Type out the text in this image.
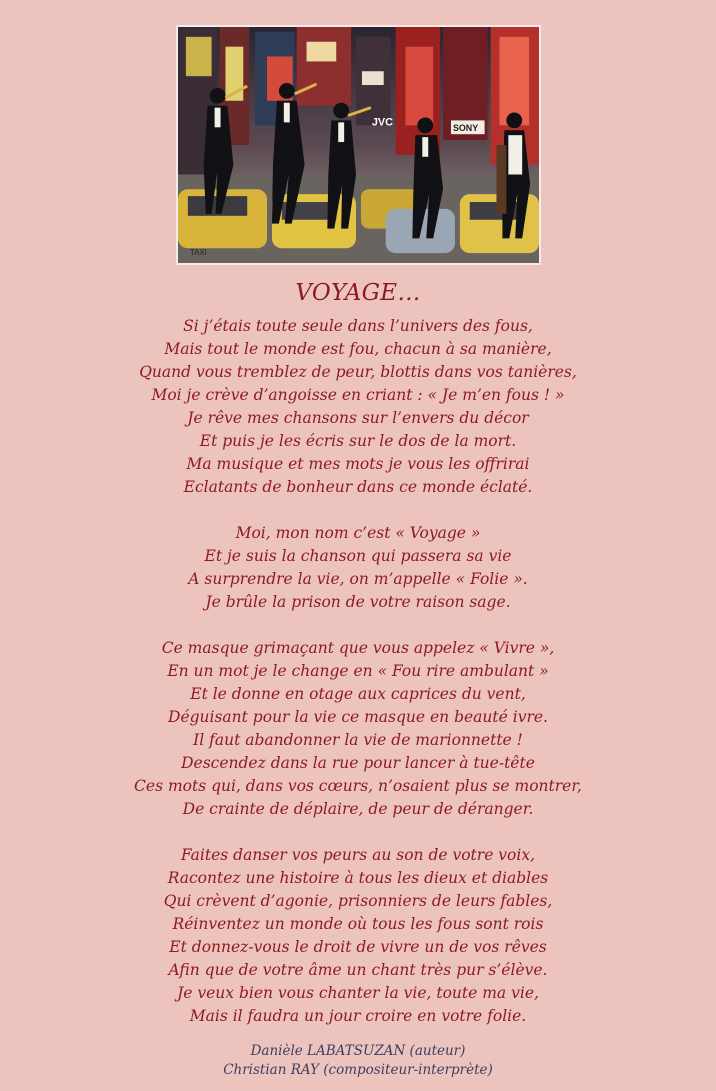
JVC	SONY
TAXI
VOYAGE…
Si j’étais toute seule dans l’univers des fous,
Mais tout le monde est fou, chacun à sa manière,
Quand vous tremblez de peur, blottis dans vos tanières,
Moi je crève d’angoisse en criant : « Je m’en fous ! »
Je rêve mes chansons sur l’envers du décor
Et puis je les écris sur le dos de la mort.
Ma musique et mes mots je vous les offrirai
Eclatants de bonheur dans ce monde éclaté.
Moi, mon nom c’est « Voyage »
Et je suis la chanson qui passera sa vie
A surprendre la vie, on m’appelle « Folie ».
Je brûle la prison de votre raison sage.
Ce masque grimaçant que vous appelez « Vivre »,
En un mot je le change en « Fou rire ambulant »
Et le donne en otage aux caprices du vent,
Déguisant pour la vie ce masque en beauté ivre.
Il faut abandonner la vie de marionnette !
Descendez dans la rue pour lancer à tue-tête
Ces mots qui, dans vos cœurs, n’osaient plus se montrer,
De crainte de déplaire, de peur de déranger.
Faites danser vos peurs au son de votre voix,
Racontez une histoire à tous les dieux et diables
Qui crèvent d’agonie, prisonniers de leurs fables,
Réinventez un monde où tous les fous sont rois
Et donnez-vous le droit de vivre un de vos rêves
Afin que de votre âme un chant très pur s’élève.
Je veux bien vous chanter la vie, toute ma vie,
Mais il faudra un jour croire en votre folie.
Danièle LABATSUZAN (auteur)
Christian RAY (compositeur-interprète)
